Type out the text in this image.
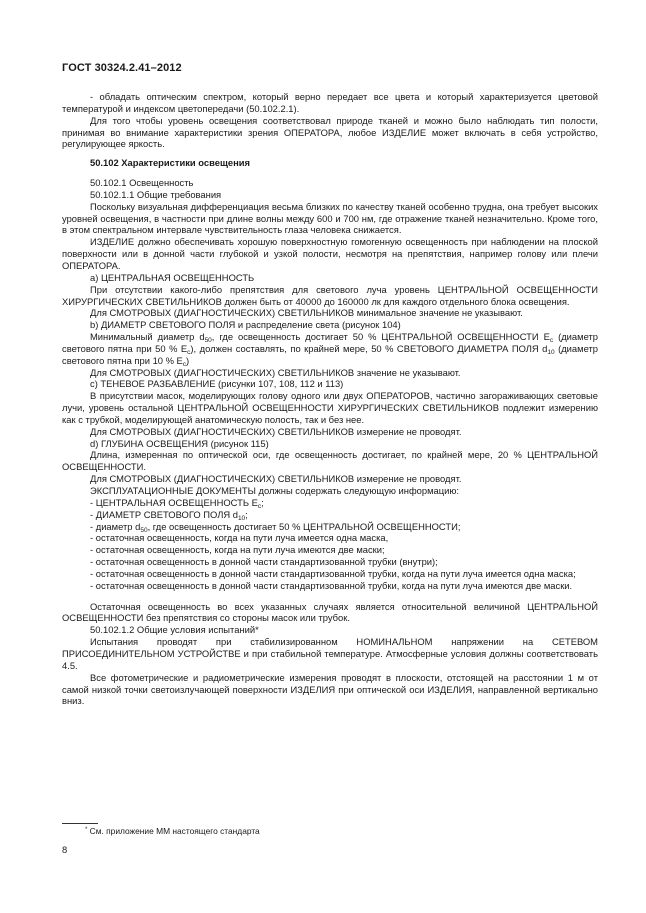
ГОСТ 30324.2.41–2012

- обладать оптическим спектром, который верно передает все цвета и который характеризуется цветовой температурой и индексом цветопередачи (50.102.2.1).

Для того чтобы уровень освещения соответствовал природе тканей и можно было наблюдать тип полости, принимая во внимание характеристики зрения ОПЕРАТОРА, любое ИЗДЕЛИЕ может включать в себя устройство, регулирующее яркость.

50.102 Характеристики освещения

50.102.1 Освещенность

50.102.1.1 Общие требования

Поскольку визуальная дифференциация весьма близких по качеству тканей особенно трудна, она требует высоких уровней освещения, в частности при длине волны между 600 и 700 нм, где отражение тканей незначительно. Кроме того, в этом спектральном интервале чувствительность глаза человека снижается.

ИЗДЕЛИЕ должно обеспечивать хорошую поверхностную гомогенную освещенность при наблюдении на плоской поверхности или в донной части глубокой и узкой полости, несмотря на препятствия, например голову или плечи ОПЕРАТОРА.

a) ЦЕНТРАЛЬНАЯ ОСВЕЩЕННОСТЬ

При отсутствии какого-либо препятствия для светового луча уровень ЦЕНТРАЛЬНОЙ ОСВЕЩЕННОСТИ ХИРУРГИЧЕСКИХ СВЕТИЛЬНИКОВ должен быть от 40000 до 160000 лк для каждого отдельного блока освещения.

Для СМОТРОВЫХ (ДИАГНОСТИЧЕСКИХ) СВЕТИЛЬНИКОВ минимальное значение не указывают.

b) ДИАМЕТР СВЕТОВОГО ПОЛЯ и распределение света (рисунок 104)

Минимальный диаметр $d_{50}$, где освещенность достигает 50 % ЦЕНТРАЛЬНОЙ ОСВЕЩЕННОСТИ $E_c$ (диаметр светового пятна при 50 % $E_c$), должен составлять, по крайней мере, 50 % СВЕТОВОГО ДИАМЕТРА ПОЛЯ $d_{10}$ (диаметр светового пятна при 10 % $E_c$)

Для СМОТРОВЫХ (ДИАГНОСТИЧЕСКИХ) СВЕТИЛЬНИКОВ значение не указывают.

c) ТЕНЕВОЕ РАЗБАВЛЕНИЕ (рисунки 107, 108, 112 и 113)

В присутствии масок, моделирующих голову одного или двух ОПЕРАТОРОВ, частично загораживающих световые лучи, уровень остальной ЦЕНТРАЛЬНОЙ ОСВЕЩЕННОСТИ ХИРУРГИЧЕСКИХ СВЕТИЛЬНИКОВ подлежит измерению как с трубкой, моделирующей анатомическую полость, так и без нее.

Для СМОТРОВЫХ (ДИАГНОСТИЧЕСКИХ) СВЕТИЛЬНИКОВ измерение не проводят.

d) ГЛУБИНА ОСВЕЩЕНИЯ (рисунок 115)

Длина, измеренная по оптической оси, где освещенность достигает, по крайней мере, 20 % ЦЕНТРАЛЬНОЙ ОСВЕЩЕННОСТИ.

Для СМОТРОВЫХ (ДИАГНОСТИЧЕСКИХ) СВЕТИЛЬНИКОВ измерение не проводят.

ЭКСПЛУАТАЦИОННЫЕ ДОКУМЕНТЫ должны содержать следующую информацию:

- ЦЕНТРАЛЬНАЯ ОСВЕЩЕННОСТЬ $E_c$;

- ДИАМЕТР СВЕТОВОГО ПОЛЯ $d_{10}$;

- диаметр $d_{50}$, где освещенность достигает 50 % ЦЕНТРАЛЬНОЙ ОСВЕЩЕННОСТИ;

- остаточная освещенность, когда на пути луча имеется одна маска,

- остаточная освещенность, когда на пути луча имеются две маски;

- остаточная освещенность в донной части стандартизованной трубки (внутри);

- остаточная освещенность в донной части стандартизованной трубки, когда на пути луча имеется одна маска;

- остаточная освещенность в донной части стандартизованной трубки, когда на пути луча имеются две маски.

Остаточная освещенность во всех указанных случаях является относительной величиной ЦЕНТРАЛЬНОЙ ОСВЕЩЕННОСТИ без препятствия со стороны масок или трубок.

50.102.1.2 Общие условия испытаний*

Испытания проводят при стабилизированном НОМИНАЛЬНОМ напряжении на СЕТЕВОМ ПРИСОЕДИНИТЕЛЬНОМ УСТРОЙСТВЕ и при стабильной температуре. Атмосферные условия должны соответствовать 4.5.

Все фотометрические и радиометрические измерения проводят в плоскости, отстоящей на расстоянии 1 м от самой низкой точки светоизлучающей поверхности ИЗДЕЛИЯ при оптической оси ИЗДЕЛИЯ, направленной вертикально вниз.

* См. приложение ММ настоящего стандарта
8
